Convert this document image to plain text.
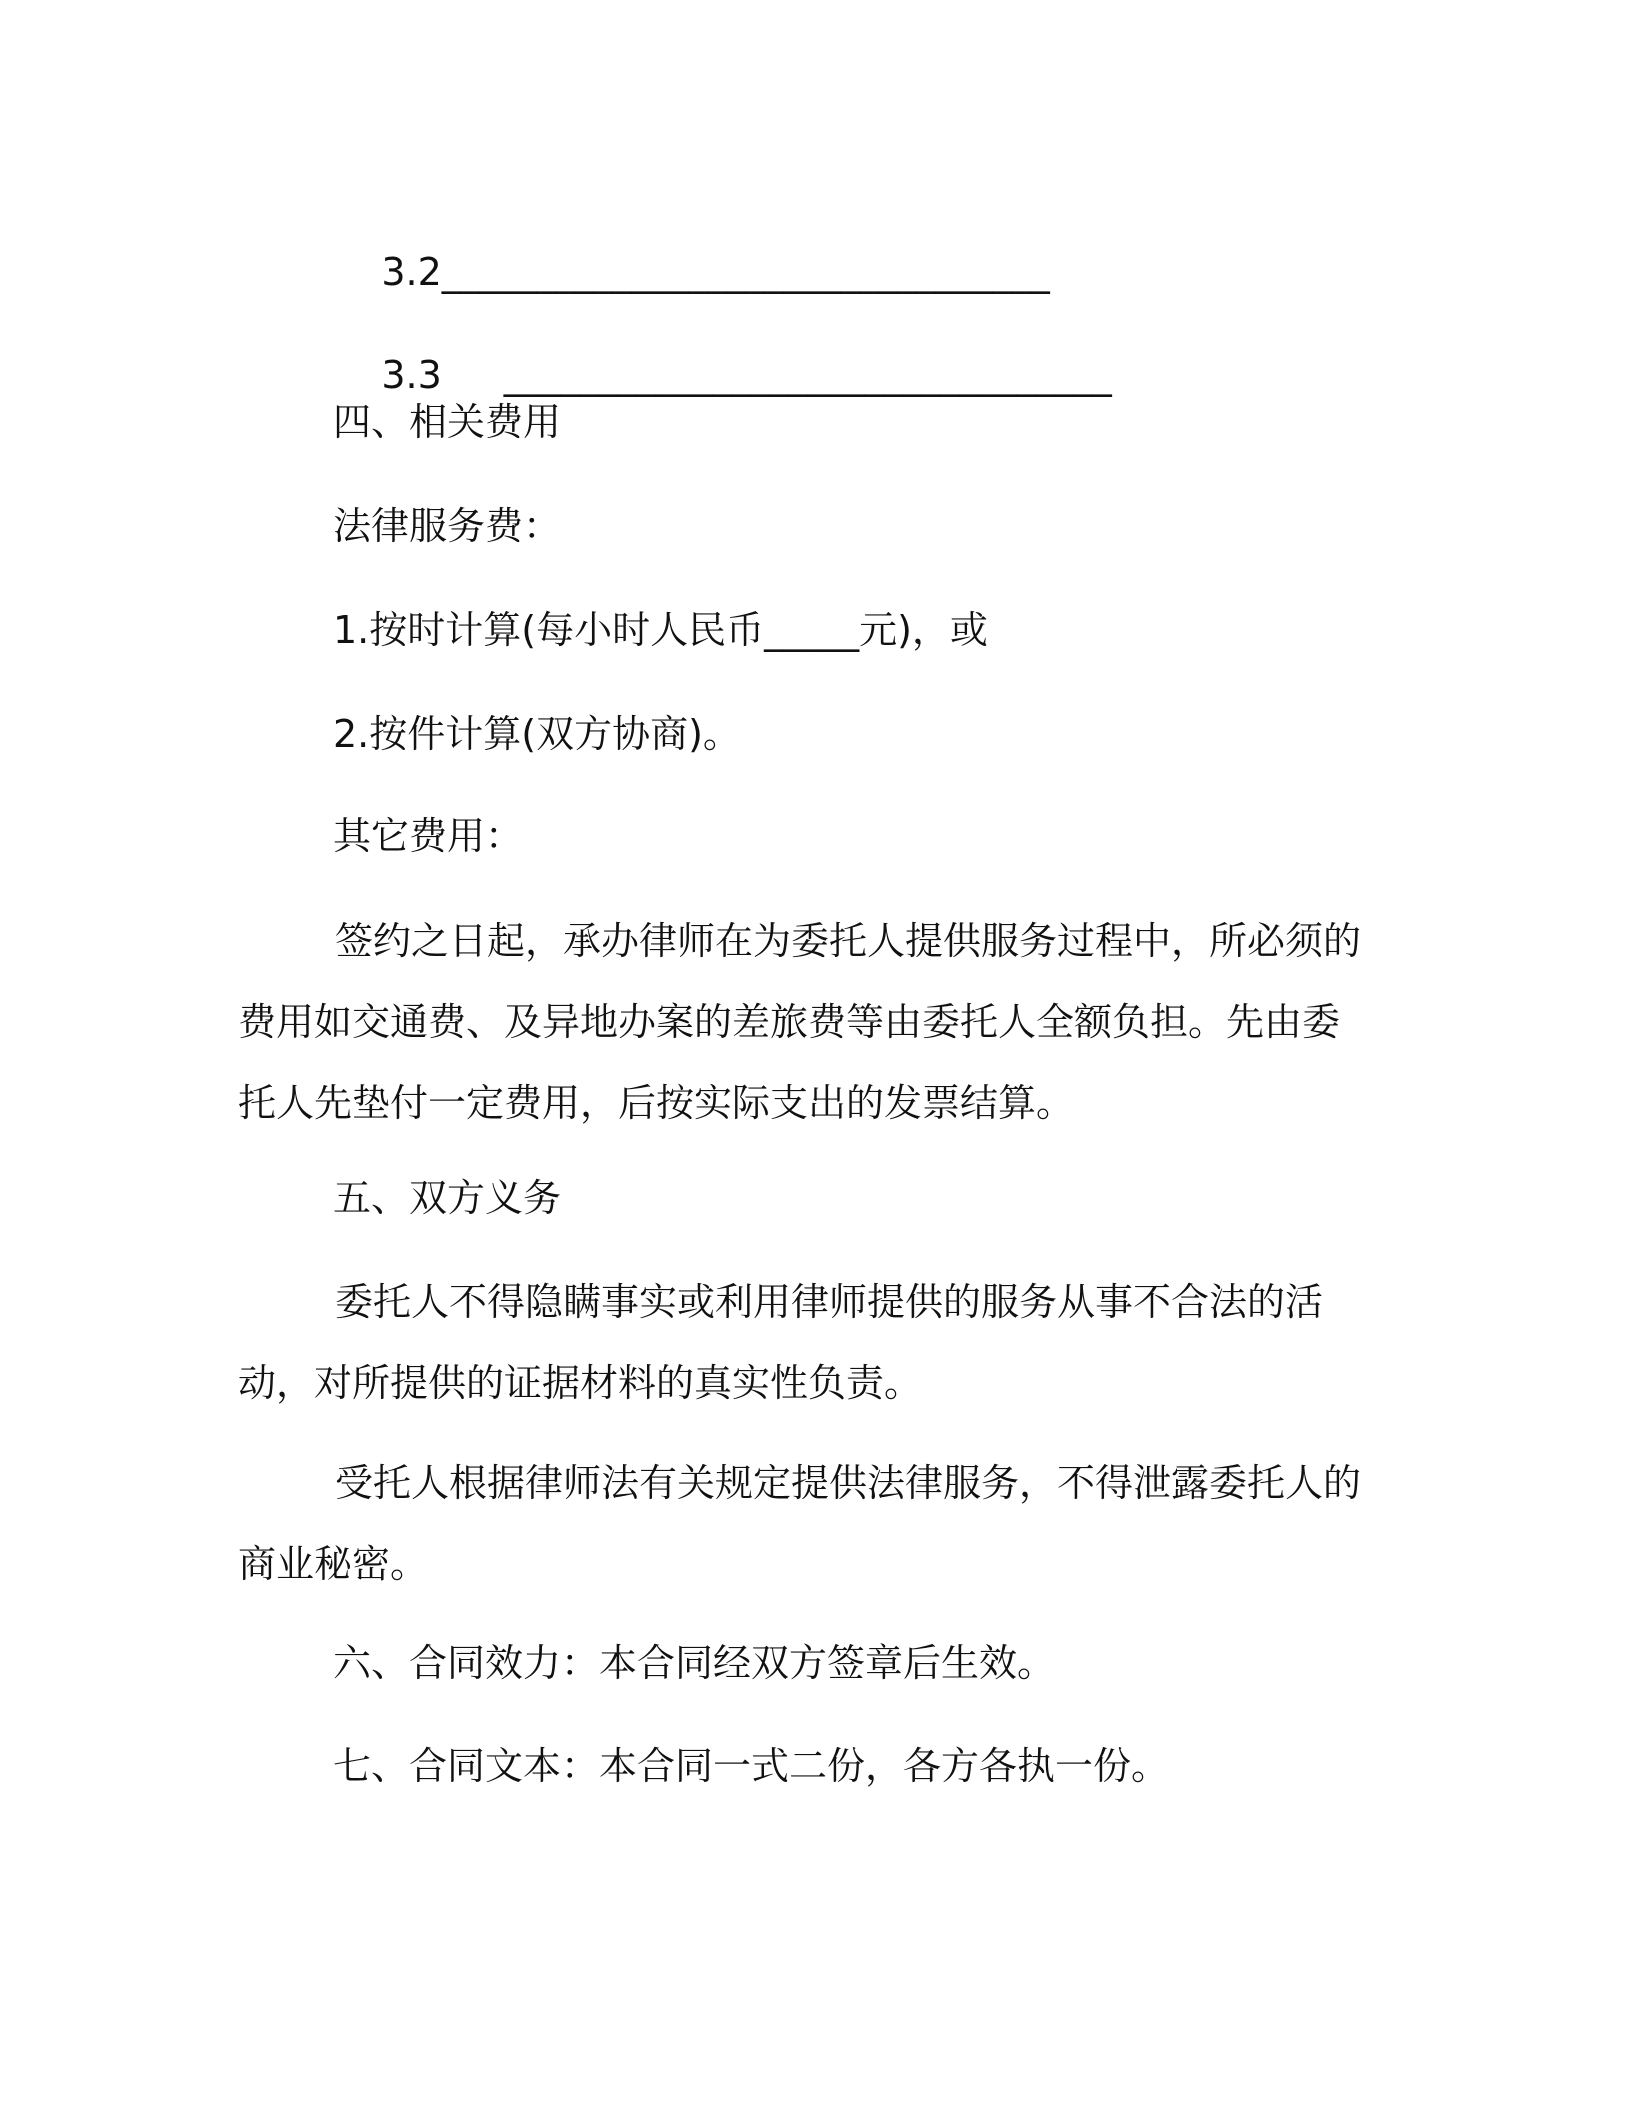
3.2________________________________

3.3 ________________________________

四、相关费用
法律服务费：
1.按时计算(每小时人民币_____元)，或
2.按件计算(双方协商)。
其它费用：
签约之日起，承办律师在为委托人提供服务过程中，所必须的费用如交通费、及异地办案的差旅费等由委托人全额负担。先由委托人先垫付一定费用，后按实际支出的发票结算。
五、双方义务
委托人不得隐瞒事实或利用律师提供的服务从事不合法的活动，对所提供的证据材料的真实性负责。
受托人根据律师法有关规定提供法律服务，不得泄露委托人的商业秘密。
六、合同效力：本合同经双方签章后生效。
七、合同文本：本合同一式二份，各方各执一份。
